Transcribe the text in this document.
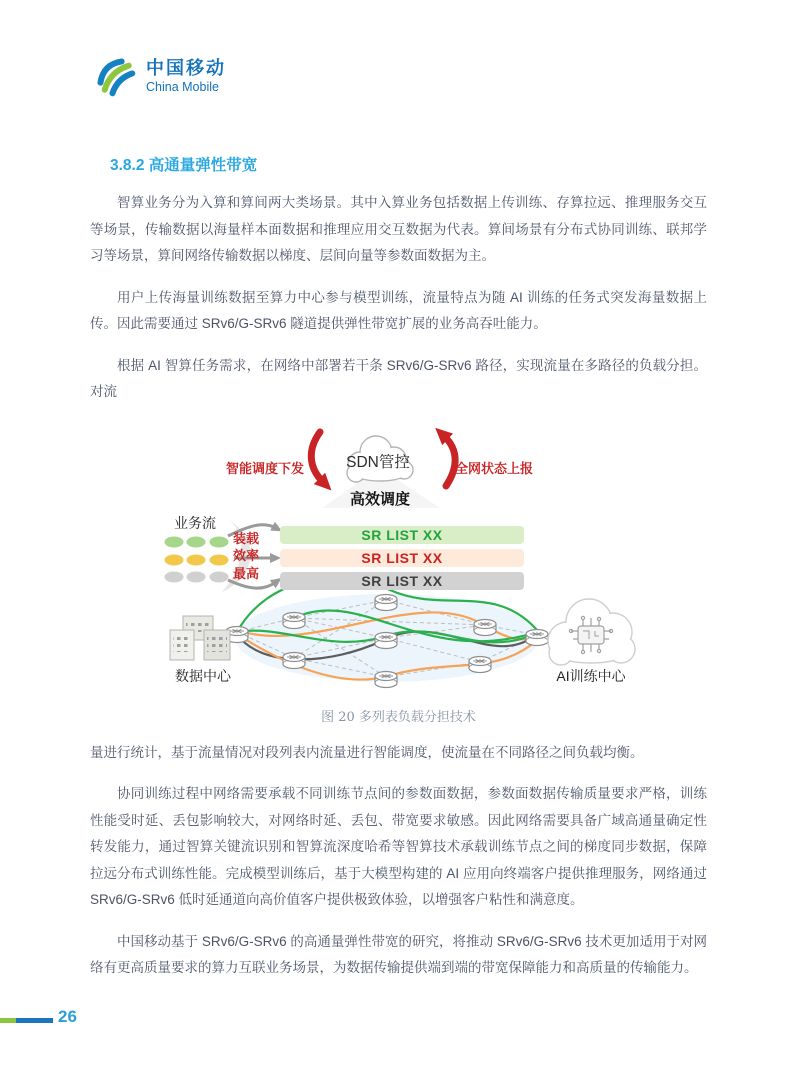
中国移动
China Mobile
3.8.2 高通量弹性带宽

智算业务分为入算和算间两大类场景。其中入算业务包括数据上传训练、存算拉远、推理服务交互等场景，传输数据以海量样本面数据和推理应用交互数据为代表。算间场景有分布式协同训练、联邦学习等场景，算间网络传输数据以梯度、层间向量等参数面数据为主。

用户上传海量训练数据至算力中心参与模型训练，流量特点为随 AI 训练的任务式突发海量数据上传。因此需要通过 SRv6/G-SRv6 隧道提供弹性带宽扩展的业务高吞吐能力。

根据 AI 智算任务需求，在网络中部署若干条 SRv6/G-SRv6 路径，实现流量在多路径的负载分担。对流

SDN管控
高效调度
智能调度下发	全网状态上报
业务流
装载
效率
最高
SR LIST XX
SR LIST XX
SR LIST XX
数据中心	AI训练中心
图 20 多列表负载分担技术

量进行统计，基于流量情况对段列表内流量进行智能调度，使流量在不同路径之间负载均衡。

协同训练过程中网络需要承载不同训练节点间的参数面数据，参数面数据传输质量要求严格，训练性能受时延、丢包影响较大，对网络时延、丢包、带宽要求敏感。因此网络需要具备广域高通量确定性转发能力，通过智算关键流识别和智算流深度哈希等智算技术承载训练节点之间的梯度同步数据，保障拉远分布式训练性能。完成模型训练后，基于大模型构建的 AI 应用向终端客户提供推理服务，网络通过 SRv6/G-SRv6 低时延通道向高价值客户提供极致体验，以增强客户粘性和满意度。

中国移动基于 SRv6/G-SRv6 的高通量弹性带宽的研究，将推动 SRv6/G-SRv6 技术更加适用于对网络有更高质量要求的算力互联业务场景，为数据传输提供端到端的带宽保障能力和高质量的传输能力。

26
